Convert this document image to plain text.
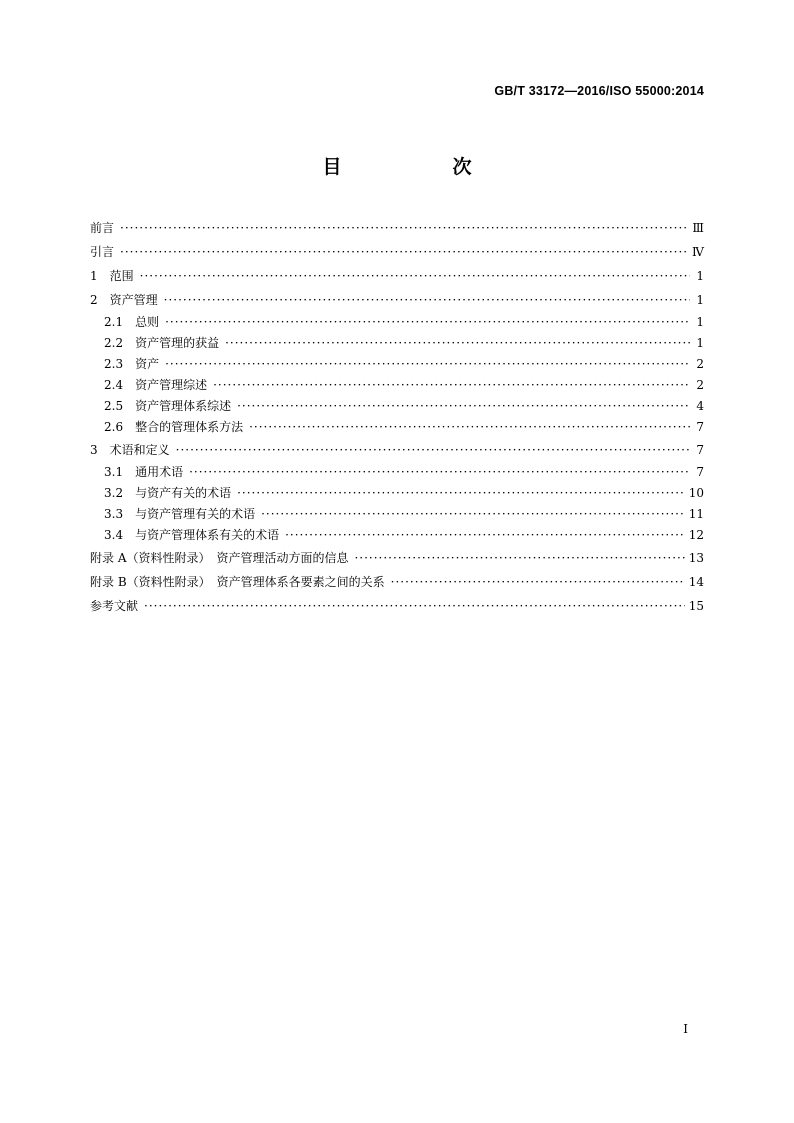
GB/T 33172—2016/ISO 55000:2014
目　次
前言 ·····	Ⅲ
引言 ·····	Ⅳ
1　范围 ·····	1
2　资产管理 ·····	1
2.1　总则 ·····	1
2.2　资产管理的获益 ·····	1
2.3　资产 ·····	2
2.4　资产管理综述 ·····	2
2.5　资产管理体系综述 ·····	4
2.6　整合的管理体系方法 ·····	7
3　术语和定义 ·····	7
3.1　通用术语 ·····	7
3.2　与资产有关的术语 ·····	10
3.3　与资产管理有关的术语 ·····	11
3.4　与资产管理体系有关的术语 ·····	12
附录 A（资料性附录）　资产管理活动方面的信息 ·····	13
附录 B（资料性附录）　资产管理体系各要素之间的关系 ·····	14
参考文献 ·····	15
I
